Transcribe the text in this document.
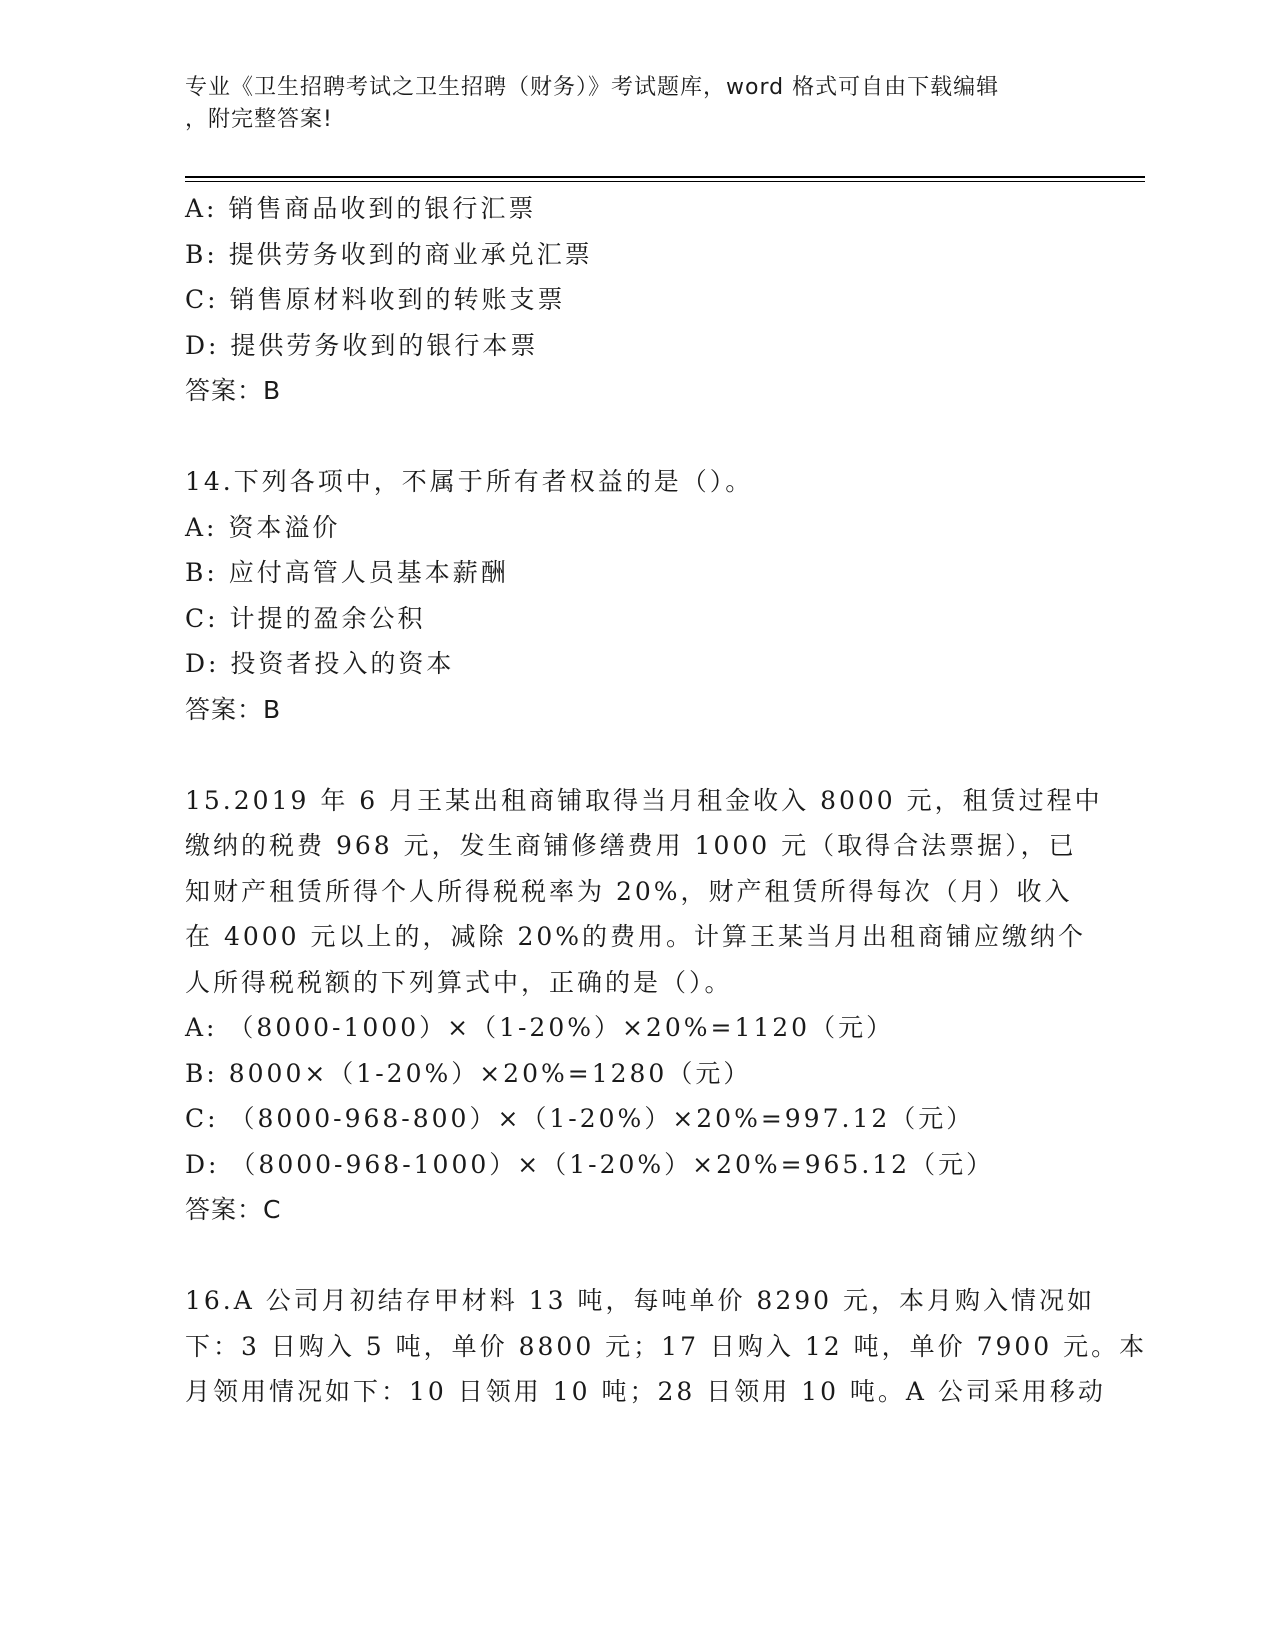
专业《卫生招聘考试之卫生招聘（财务）》考试题库，word 格式可自由下载编辑
，附完整答案!
A: 销售商品收到的银行汇票
B: 提供劳务收到的商业承兑汇票
C: 销售原材料收到的转账支票
D: 提供劳务收到的银行本票
答案：B
14.下列各项中，不属于所有者权益的是（）。
A: 资本溢价
B: 应付高管人员基本薪酬
C: 计提的盈余公积
D: 投资者投入的资本
答案：B
15.2019 年 6 月王某出租商铺取得当月租金收入 8000 元，租赁过程中
缴纳的税费 968 元，发生商铺修缮费用 1000 元（取得合法票据），已
知财产租赁所得个人所得税税率为 20%，财产租赁所得每次（月）收入
在 4000 元以上的，减除 20%的费用。计算王某当月出租商铺应缴纳个
人所得税税额的下列算式中，正确的是（）。
A: （8000-1000）×（1-20%）×20%=1120（元）
B: 8000×（1-20%）×20%=1280（元）
C: （8000-968-800）×（1-20%）×20%=997.12（元）
D: （8000-968-1000）×（1-20%）×20%=965.12（元）
答案：C
16.A 公司月初结存甲材料 13 吨，每吨单价 8290 元，本月购入情况如
下：3 日购入 5 吨，单价 8800 元；17 日购入 12 吨，单价 7900 元。本
月领用情况如下：10 日领用 10 吨；28 日领用 10 吨。A 公司采用移动
